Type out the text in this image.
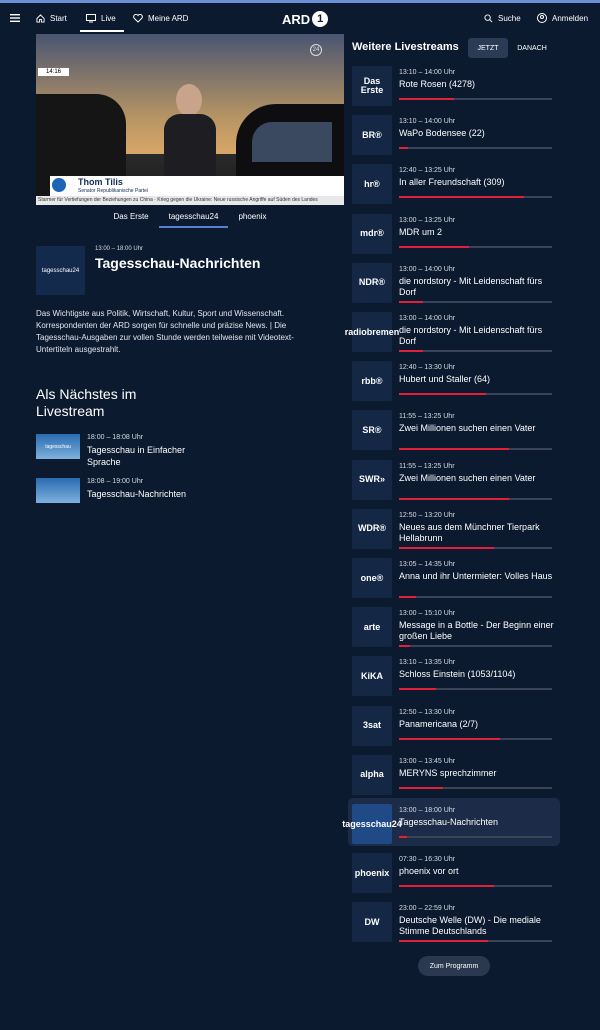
Start	Live	Meine ARD	ARD 1	Suche	Anmelden
14:16
24
Thom Tilis
Senator Republikanische Partei
Starmer für Vertiefungen der Beziehungen zu China · Krieg gegen die Ukraine: Neue russische Angriffe auf Süden des Landes
Das Erste	tagesschau24	phoenix
tagesschau24
13:00 – 18:00 Uhr
Tagesschau-Nachrichten
Das Wichtigste aus Politik, Wirtschaft, Kultur, Sport und Wissenschaft. Korrespondenten der ARD sorgen für schnelle und präzise News. | Die Tagesschau-Ausgaben zur vollen Stunde werden teilweise mit Videotext-Untertiteln ausgestrahlt.
Als Nächstes im Livestream
tagesschau
18:00 – 18:08 Uhr
Tagesschau in Einfacher Sprache
18:08 – 19:00 Uhr
Tagesschau-Nachrichten
Weitere Livestreams	JETZT	DANACH
Das Erste
13:10 – 14:00 Uhr
Rote Rosen (4278)
BR®
13:10 – 14:00 Uhr
WaPo Bodensee (22)
hr®
12:40 – 13:25 Uhr
In aller Freundschaft (309)
mdr®
13:00 – 13:25 Uhr
MDR um 2
NDR®
13:00 – 14:00 Uhr
die nordstory - Mit Leidenschaft fürs Dorf
radiobremen
13:00 – 14:00 Uhr
die nordstory - Mit Leidenschaft fürs Dorf
rbb®
12:40 – 13:30 Uhr
Hubert und Staller (64)
SR®
11:55 – 13:25 Uhr
Zwei Millionen suchen einen Vater
SWR»
11:55 – 13:25 Uhr
Zwei Millionen suchen einen Vater
WDR®
12:50 – 13:20 Uhr
Neues aus dem Münchner Tierpark Hellabrunn
one®
13:05 – 14:35 Uhr
Anna und ihr Untermieter: Volles Haus
arte
13:00 – 15:10 Uhr
Message in a Bottle - Der Beginn einer großen Liebe
KiKA
13:10 – 13:35 Uhr
Schloss Einstein (1053/1104)
3sat
12:50 – 13:30 Uhr
Panamericana (2/7)
alpha
13:00 – 13:45 Uhr
MERYNS sprechzimmer
tagesschau24
13:00 – 18:00 Uhr
Tagesschau-Nachrichten
phoenix
07:30 – 16:30 Uhr
phoenix vor ort
DW
23:00 – 22:59 Uhr
Deutsche Welle (DW) - Die mediale Stimme Deutschlands
Zum Programm
